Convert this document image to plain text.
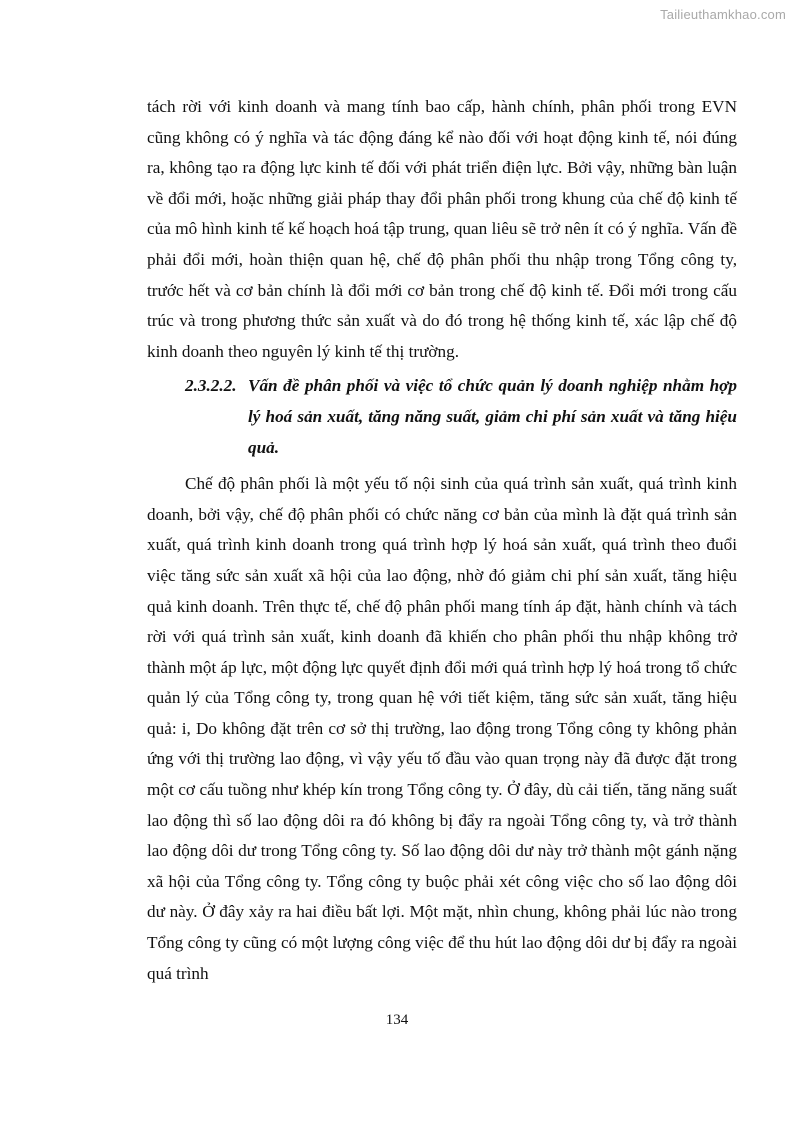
Tailieuthamkhao.com

tách rời với kinh doanh và mang tính bao cấp, hành chính, phân phối trong EVN cũng không có ý nghĩa và tác động đáng kể nào đối với hoạt động kinh tế, nói đúng ra, không tạo ra động lực kinh tế đối với phát triển điện lực. Bởi vậy, những bàn luận về đổi mới, hoặc những giải pháp thay đổi phân phối trong khung của chế độ kinh tế của mô hình kinh tế kế hoạch hoá tập trung, quan liêu sẽ trở nên ít có ý nghĩa. Vấn đề phải đổi mới, hoàn thiện quan hệ, chế độ phân phối thu nhập trong Tổng công ty, trước hết và cơ bản chính là đổi mới cơ bản trong chế độ kinh tế. Đổi mới trong cấu trúc và trong phương thức sản xuất và do đó trong hệ thống kinh tế, xác lập chế độ kinh doanh theo nguyên lý kinh tế thị trường.

2.3.2.2. Vấn đề phân phối và việc tổ chức quản lý doanh nghiệp nhằm hợp lý hoá sản xuất, tăng năng suất, giảm chi phí sản xuất và tăng hiệu quả.

Chế độ phân phối là một yếu tố nội sinh của quá trình sản xuất, quá trình kinh doanh, bởi vậy, chế độ phân phối có chức năng cơ bản của mình là đặt quá trình sản xuất, quá trình kinh doanh trong quá trình hợp lý hoá sản xuất, quá trình theo đuổi việc tăng sức sản xuất xã hội của lao động, nhờ đó giảm chi phí sản xuất, tăng hiệu quả kinh doanh. Trên thực tế, chế độ phân phối mang tính áp đặt, hành chính và tách rời với quá trình sản xuất, kinh doanh đã khiến cho phân phối thu nhập không trở thành một áp lực, một động lực quyết định đổi mới quá trình hợp lý hoá trong tổ chức quản lý của Tổng công ty, trong quan hệ với tiết kiệm, tăng sức sản xuất, tăng hiệu quả: i, Do không đặt trên cơ sở thị trường, lao động trong Tổng công ty không phản ứng với thị trường lao động, vì vậy yếu tố đầu vào quan trọng này đã được đặt trong một cơ cấu tuồng như khép kín trong Tổng công ty. Ở đây, dù cải tiến, tăng năng suất lao động thì số lao động dôi ra đó không bị đẩy ra ngoài Tổng công ty, và trở thành lao động dôi dư trong Tổng công ty. Số lao động dôi dư này trở thành một gánh nặng xã hội của Tổng công ty. Tổng công ty buộc phải xét công việc cho số lao động dôi dư này. Ở đây xảy ra hai điều bất lợi. Một mặt, nhìn chung, không phải lúc nào trong Tổng công ty cũng có một lượng công việc để thu hút lao động dôi dư bị đẩy ra ngoài quá trình

134
